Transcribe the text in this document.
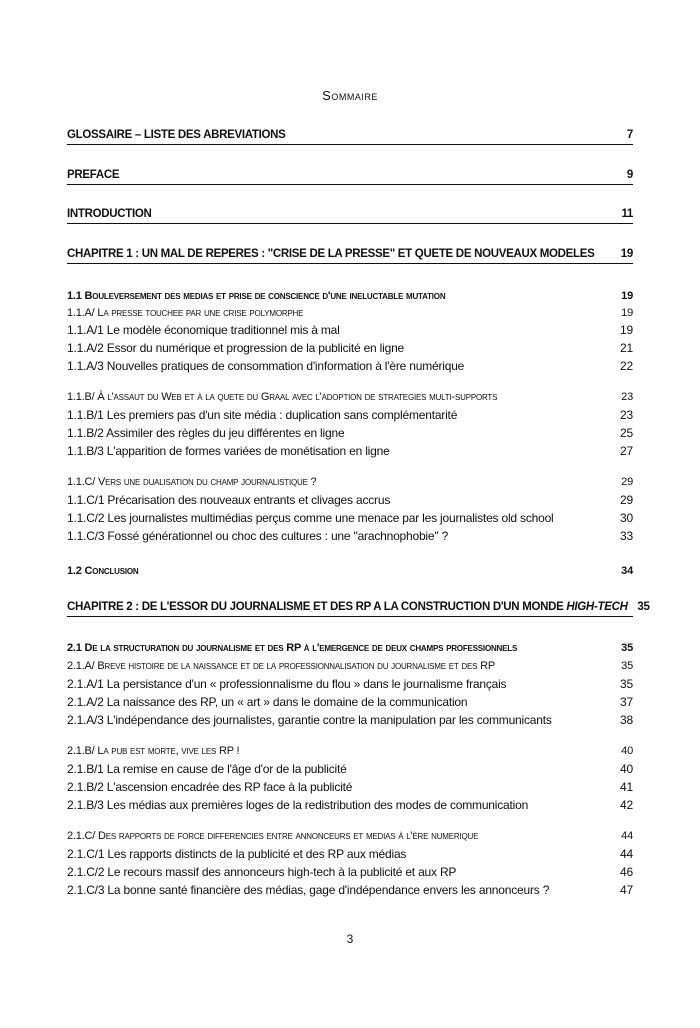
Sommaire
GLOSSAIRE – LISTE DES ABREVIATIONS	7
PREFACE	9
INTRODUCTION	11
CHAPITRE 1 : UN MAL DE REPERES : "CRISE DE LA PRESSE" ET QUETE DE NOUVEAUX MODELES	19
1.1 Bouleversement des medias et prise de conscience d'une ineluctable mutation	19
1.1.A/ La presse touchee par une crise polymorphe	19
1.1.A/1 Le modèle économique traditionnel mis à mal	19
1.1.A/2 Essor du numérique et progression de la publicité en ligne	21
1.1.A/3 Nouvelles pratiques de consommation d'information à l'ère numérique	22
1.1.B/ À l'assaut du Web et à la quete du Graal avec l'adoption de strategies multi-supports	23
1.1.B/1 Les premiers pas d'un site média : duplication sans complémentarité	23
1.1.B/2 Assimiler des règles du jeu différentes en ligne	25
1.1.B/3 L'apparition de formes variées de monétisation en ligne	27
1.1.C/ Vers une dualisation du champ journalistique ?	29
1.1.C/1 Précarisation des nouveaux entrants et clivages accrus	29
1.1.C/2 Les journalistes multimédias perçus comme une menace par les journalistes old school	30
1.1.C/3 Fossé générationnel ou choc des cultures : une "arachnophobie" ?	33
1.2 Conclusion	34
CHAPITRE 2 : DE L'ESSOR DU JOURNALISME ET DES RP A LA CONSTRUCTION D'UN MONDE HIGH-TECH 35
2.1 De la structuration du journalisme et des RP à l'emergence de deux champs professionnels	35
2.1.A/ Breve histoire de la naissance et de la professionnalisation du journalisme et des RP	35
2.1.A/1 La persistance d'un « professionnalisme du flou » dans le journalisme français	35
2.1.A/2 La naissance des RP, un « art » dans le domaine de la communication	37
2.1.A/3 L'indépendance des journalistes, garantie contre la manipulation par les communicants	38
2.1.B/ La pub est morte, vive les RP !	40
2.1.B/1 La remise en cause de l'âge d'or de la publicité	40
2.1.B/2 L'ascension encadrée des RP face à la publicité	41
2.1.B/3 Les médias aux premières loges de la redistribution des modes de communication	42
2.1.C/ Des rapports de force differencies entre annonceurs et medias à l'ère numerique	44
2.1.C/1 Les rapports distincts de la publicité et des RP aux médias	44
2.1.C/2 Le recours massif des annonceurs high-tech à la publicité et aux RP	46
2.1.C/3 La bonne santé financière des médias, gage d'indépendance envers les annonceurs ?	47
3
